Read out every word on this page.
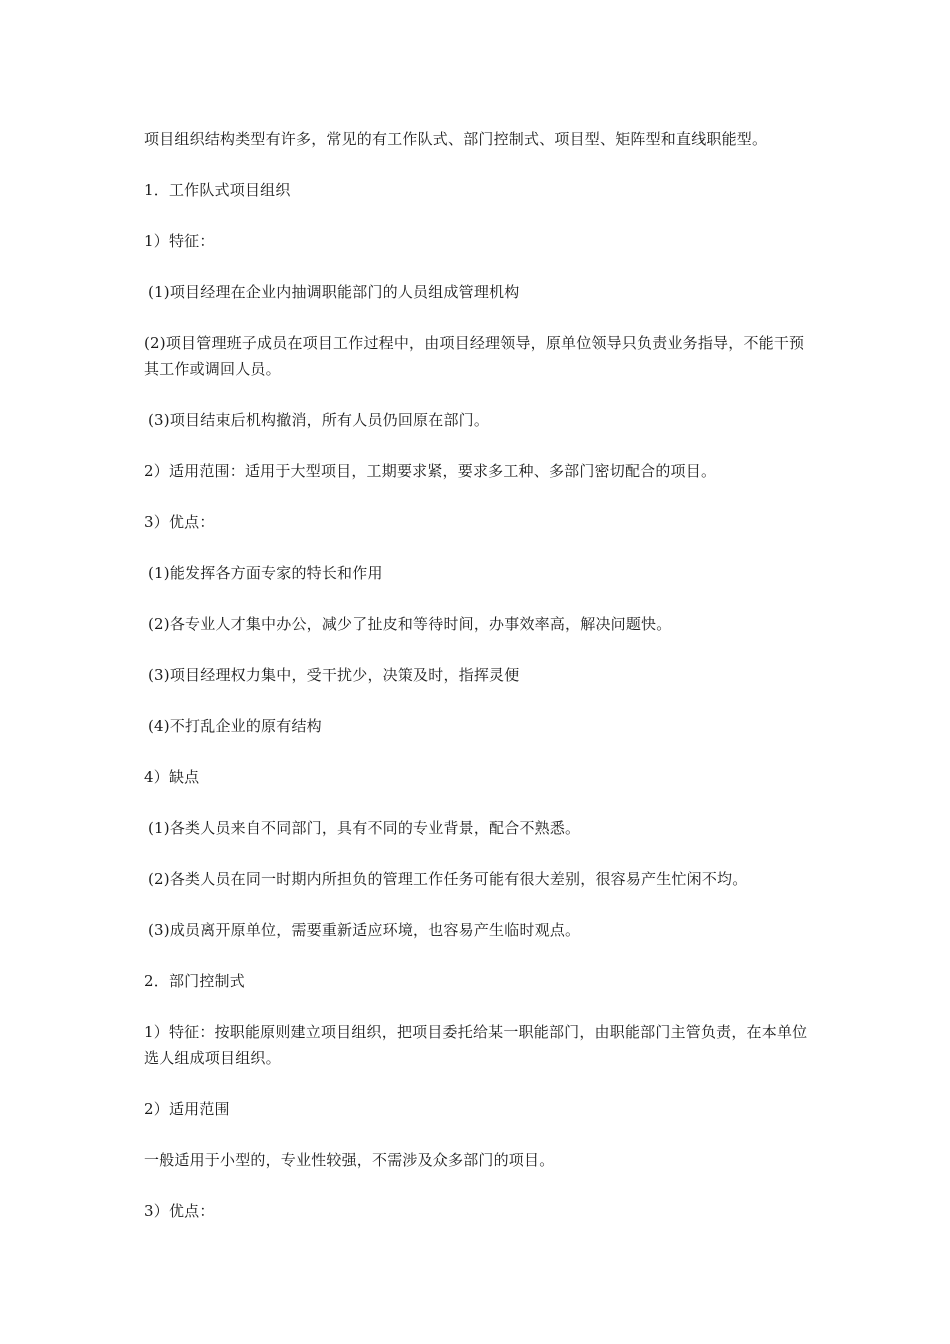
项目组织结构类型有许多，常见的有工作队式、部门控制式、项目型、矩阵型和直线职能型。

1．工作队式项目组织

1）特征：

(1)项目经理在企业内抽调职能部门的人员组成管理机构

(2)项目管理班子成员在项目工作过程中，由项目经理领导，原单位领导只负责业务指导，不能干预其工作或调回人员。

(3)项目结束后机构撤消，所有人员仍回原在部门。

2）适用范围：适用于大型项目，工期要求紧，要求多工种、多部门密切配合的项目。

3）优点：

(1)能发挥各方面专家的特长和作用

(2)各专业人才集中办公，减少了扯皮和等待时间，办事效率高，解决问题快。

(3)项目经理权力集中，受干扰少，决策及时，指挥灵便

(4)不打乱企业的原有结构

4）缺点

(1)各类人员来自不同部门，具有不同的专业背景，配合不熟悉。

(2)各类人员在同一时期内所担负的管理工作任务可能有很大差别，很容易产生忙闲不均。

(3)成员离开原单位，需要重新适应环境，也容易产生临时观点。

2．部门控制式

1）特征：按职能原则建立项目组织，把项目委托给某一职能部门，由职能部门主管负责，在本单位选人组成项目组织。

2）适用范围

一般适用于小型的，专业性较强，不需涉及众多部门的项目。

3）优点：
